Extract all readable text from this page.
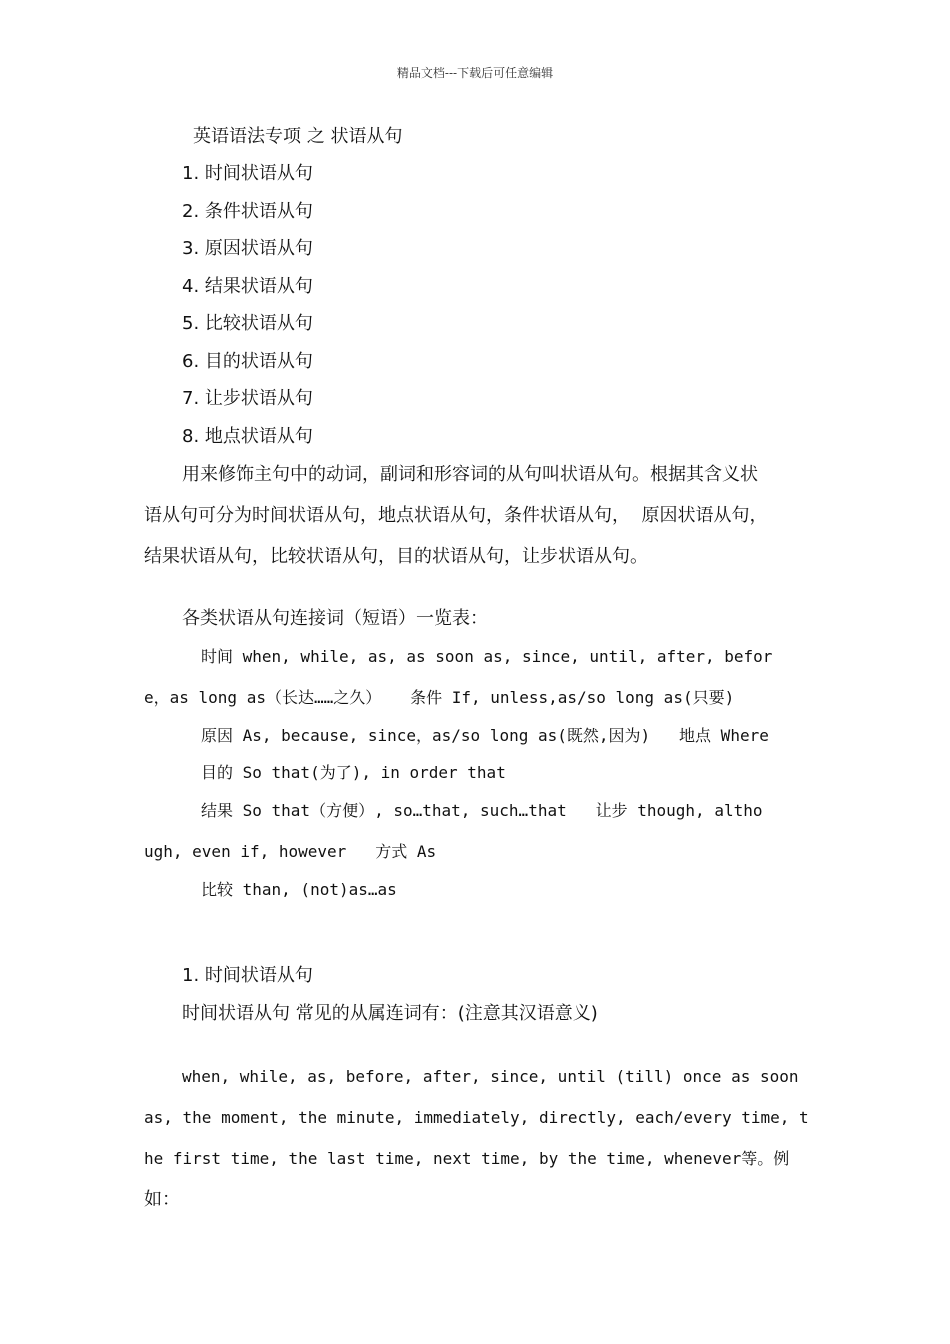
精品文档---下载后可任意编辑
英语语法专项 之 状语从句
1. 时间状语从句
2. 条件状语从句
3. 原因状语从句
4. 结果状语从句
5. 比较状语从句
6. 目的状语从句
7. 让步状语从句
8. 地点状语从句
用来修饰主句中的动词，副词和形容词的从句叫状语从句。根据其含义状
语从句可分为时间状语从句，地点状语从句，条件状语从句，  原因状语从句，
结果状语从句，比较状语从句，目的状语从句，让步状语从句。
各类状语从句连接词（短语）一览表：
时间 when, while, as, as soon as, since, until, after, befor
e，as long as（长达……之久）   条件 If, unless,as/so long as(只要)
原因 As, because, since，as/so long as(既然,因为)   地点 Where
目的 So that(为了), in order that
结果 So that（方便）, so…that, such…that   让步 though, altho
ugh, even if, however   方式 As
比较 than, (not)as…as
1. 时间状语从句
时间状语从句 常见的从属连词有：(注意其汉语意义)
when, while, as, before, after, since, until (till) once as soon
as, the moment, the minute, immediately, directly, each/every time, t
he first time, the last time, next time, by the time, whenever等。例
如：
